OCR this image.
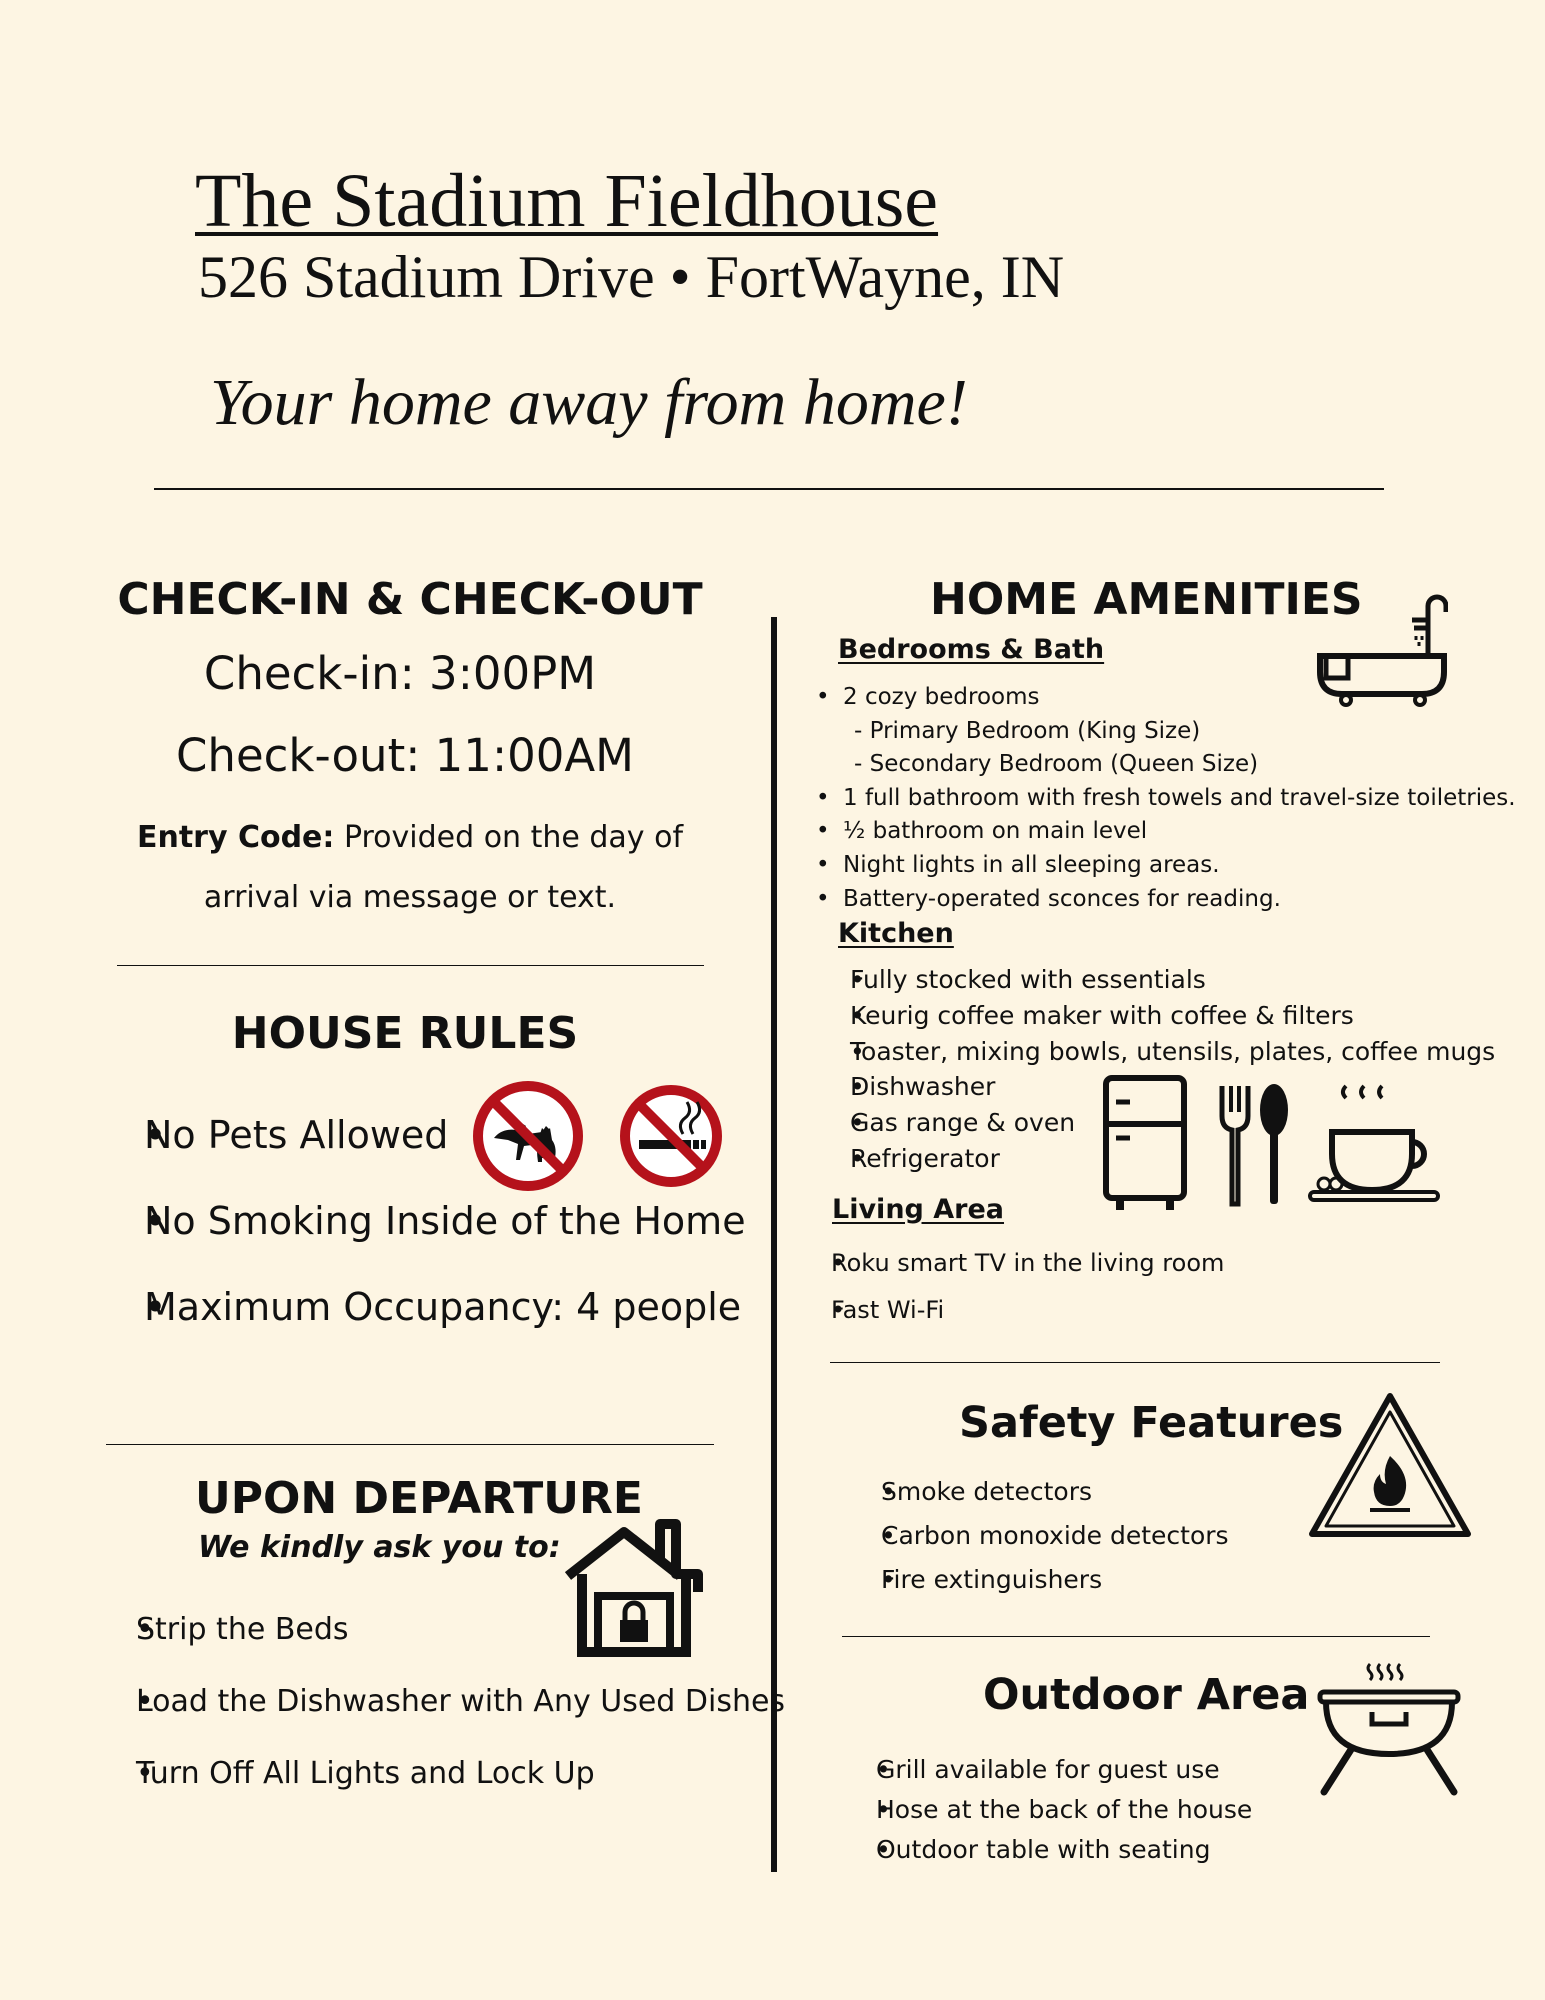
The Stadium Fieldhouse
526 Stadium Drive • FortWayne, IN
Your home away from home!
CHECK-IN & CHECK-OUT
Check-in: 3:00PM
Check-out: 11:00AM
Entry Code: Provided on the day of
arrival via message or text.
HOUSE RULES
• No Pets Allowed
• No Smoking Inside of the Home
• Maximum Occupancy: 4 people
UPON DEPARTURE
We kindly ask you to:
• Strip the Beds
• Load the Dishwasher with Any Used Dishes
• Turn Off All Lights and Lock Up
HOME AMENITIES
Bedrooms & Bath
• 2 cozy bedrooms
- Primary Bedroom (King Size)
- Secondary Bedroom (Queen Size)
• 1 full bathroom with fresh towels and travel-size toiletries.
• ½ bathroom on main level
• Night lights in all sleeping areas.
• Battery-operated sconces for reading.
Kitchen
• Fully stocked with essentials
• Keurig coffee maker with coffee & filters
• Toaster, mixing bowls, utensils, plates, coffee mugs
• Dishwasher
• Gas range & oven
• Refrigerator
Living Area
• Roku smart TV in the living room
• Fast Wi-Fi
Safety Features
• Smoke detectors
• Carbon monoxide detectors
• Fire extinguishers
Outdoor Area
• Grill available for guest use
• Hose at the back of the house
• Outdoor table with seating
